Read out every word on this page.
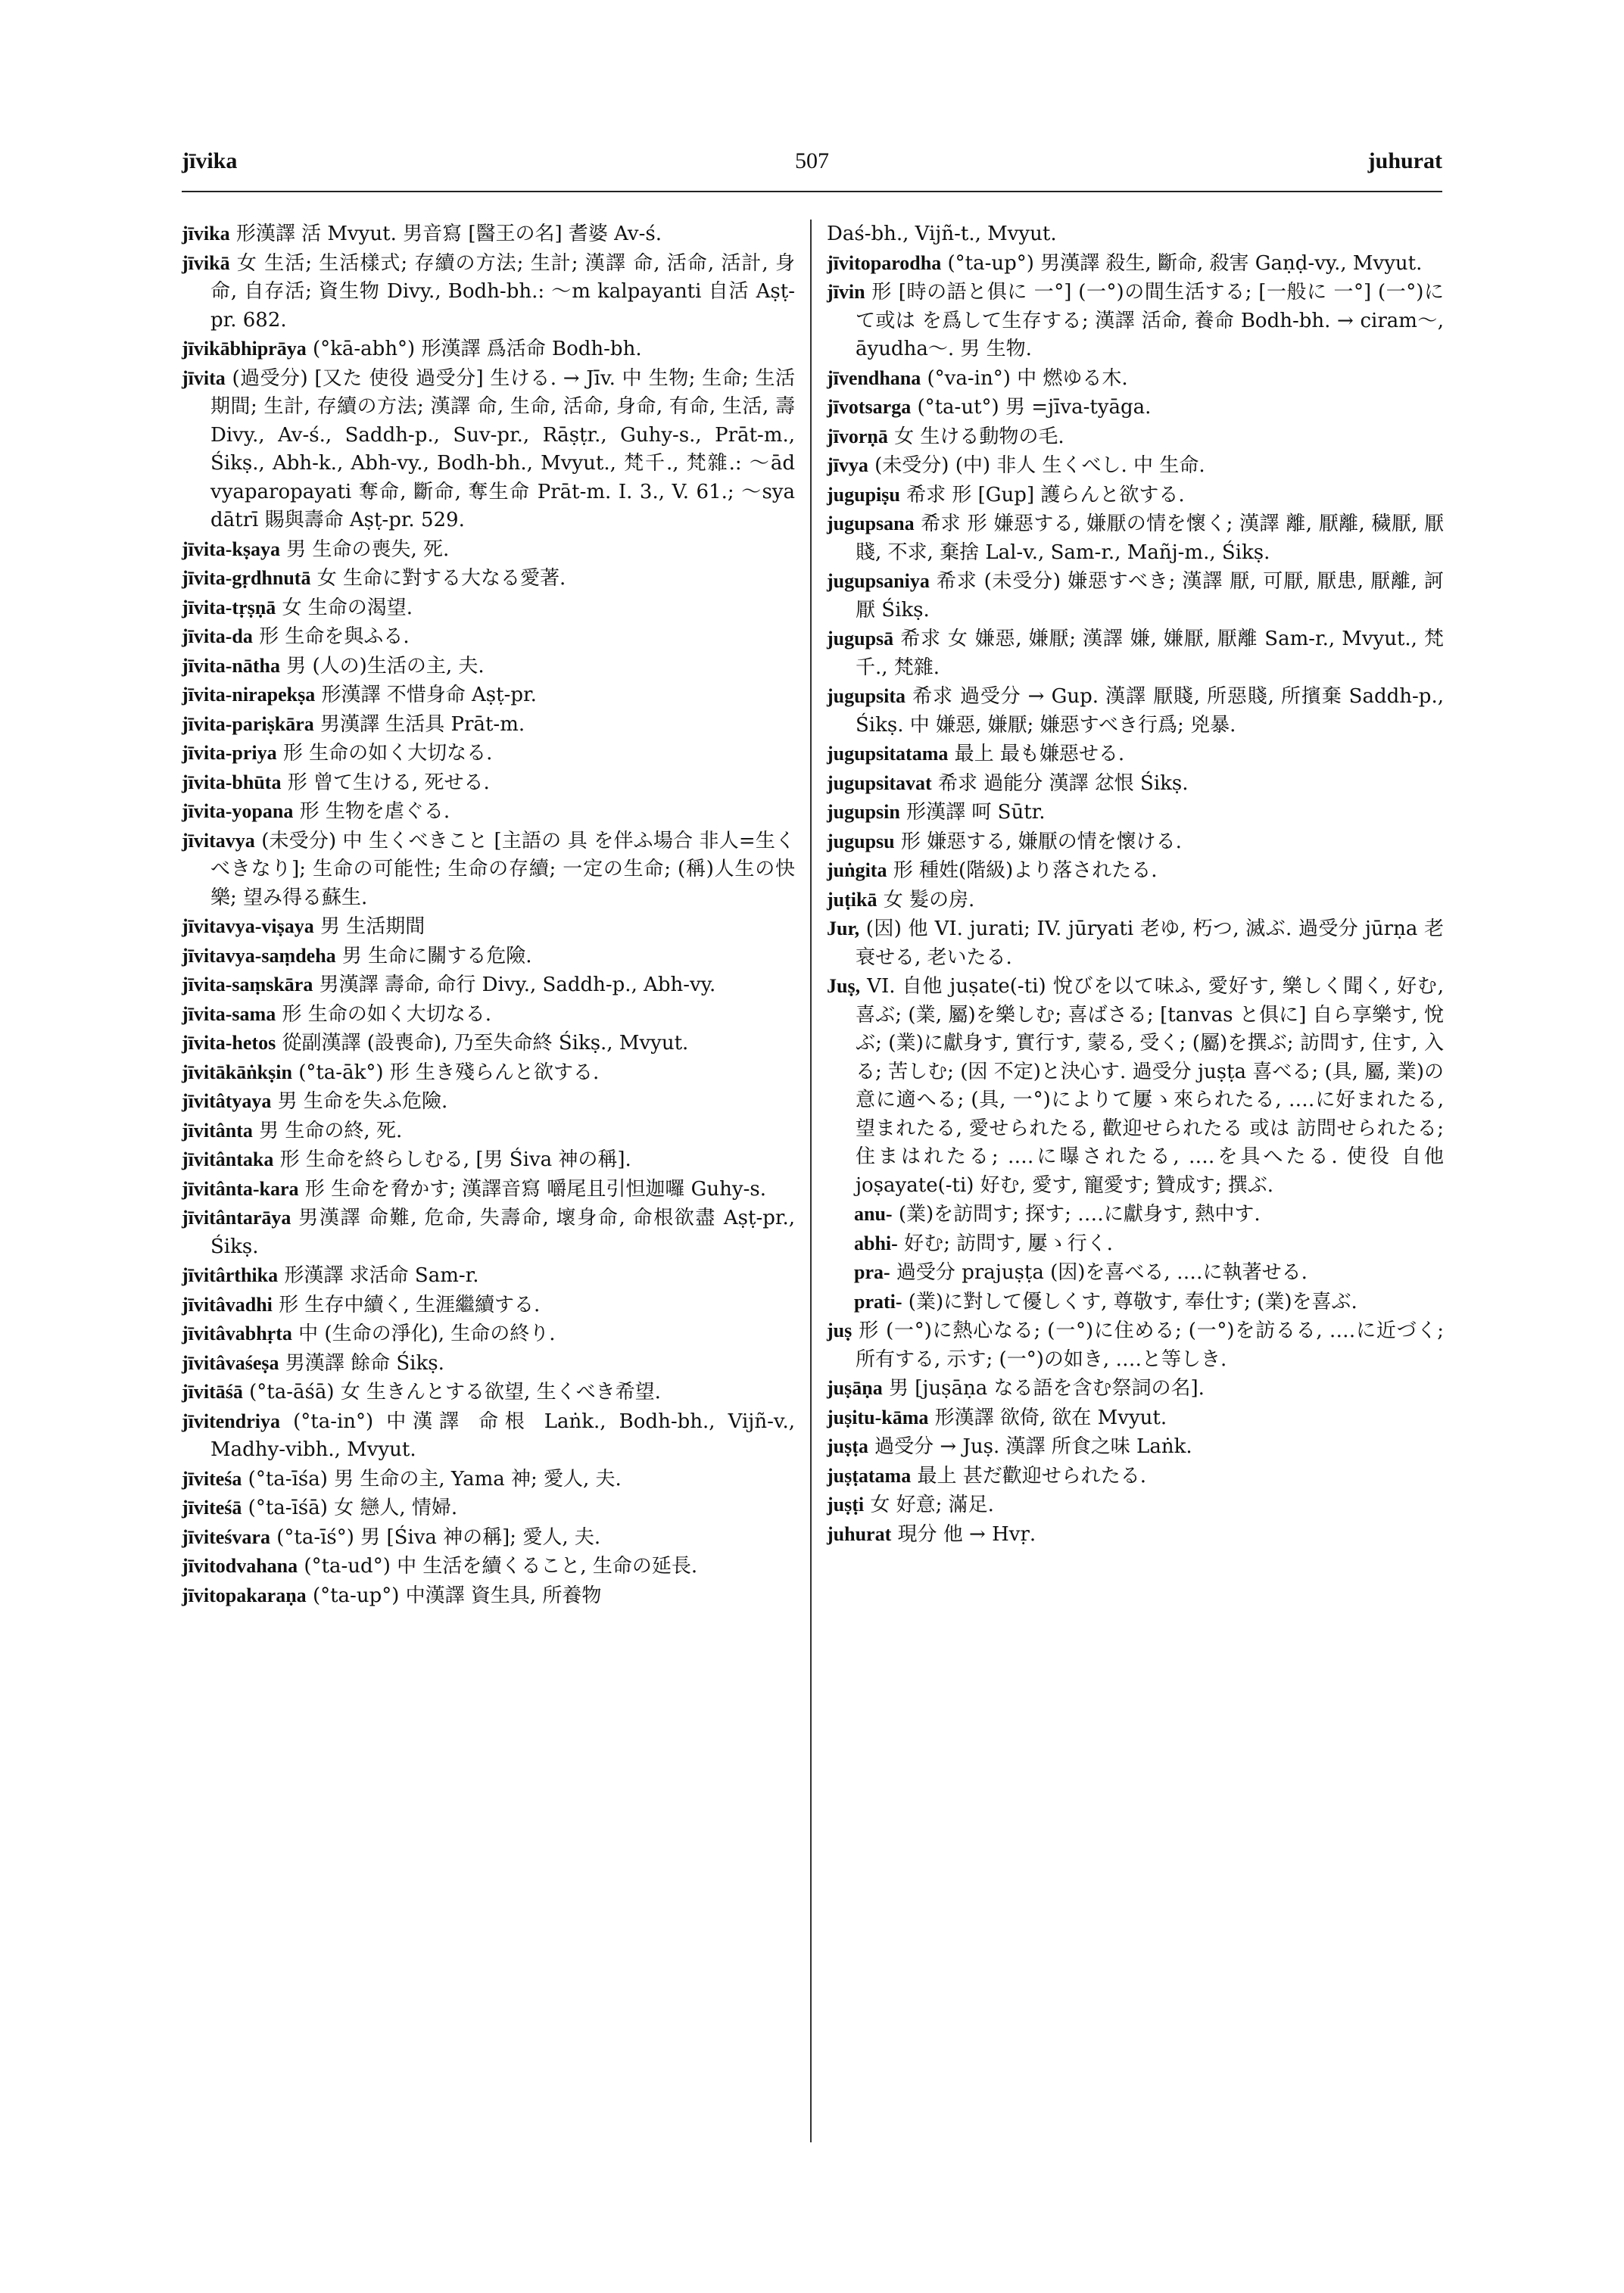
jīvika	507	juhurat

jīvika 形漢譯 活 Mvyut. 男音寫 [醫王の名] 耆婆 Av-ś.

jīvikā 女 生活; 生活樣式; 存續の方法; 生計; 漢譯 命, 活命, 活計, 身命, 自存活; 資生物 Divy., Bodh-bh.: ～m kalpayanti 自活 Aṣṭ-pr. 682.

jīvikābhiprāya (°kā-abh°) 形漢譯 爲活命 Bodh-bh.

jīvita (過受分) [又た 使役 過受分] 生ける. → Jīv. 中 生物; 生命; 生活期間; 生計, 存續の方法; 漢譯 命, 生命, 活命, 身命, 有命, 生活, 壽 Divy., Av-ś., Saddh-p., Suv-pr., Rāṣṭr., Guhy-s., Prāt-m., Śikṣ., Abh-k., Abh-vy., Bodh-bh., Mvyut., 梵千., 梵雜.: ～ād vyaparopayati 奪命, 斷命, 奪生命 Prāt-m. I. 3., V. 61.; ～sya dātrī 賜與壽命 Aṣṭ-pr. 529.

jīvita-kṣaya 男 生命の喪失, 死.

jīvita-gṛdhnutā 女 生命に對する大なる愛著.

jīvita-tṛṣṇā 女 生命の渴望.

jīvita-da 形 生命を與ふる.

jīvita-nātha 男 (人の)生活の主, 夫.

jīvita-nirapekṣa 形漢譯 不惜身命 Aṣṭ-pr.

jīvita-pariṣkāra 男漢譯 生活具 Prāt-m.

jīvita-priya 形 生命の如く大切なる.

jīvita-bhūta 形 曾て生ける, 死せる.

jīvita-yopana 形 生物を虐ぐる.

jīvitavya (未受分) 中 生くべきこと [主語の 具 を伴ふ場合 非人=生くべきなり]; 生命の可能性; 生命の存續; 一定の生命; (稱)人生の快樂; 望み得る蘇生.

jīvitavya-viṣaya 男 生活期間

jīvitavya-saṃdeha 男 生命に關する危險.

jīvita-saṃskāra 男漢譯 壽命, 命行 Divy., Saddh-p., Abh-vy.

jīvita-sama 形 生命の如く大切なる.

jīvita-hetos 從副漢譯 (設喪命), 乃至失命終 Śikṣ., Mvyut.

jīvitākāṅkṣin (°ta-āk°) 形 生き殘らんと欲する.

jīvitâtyaya 男 生命を失ふ危險.

jīvitânta 男 生命の終, 死.

jīvitântaka 形 生命を終らしむる, [男 Śiva 神の稱].

jīvitânta-kara 形 生命を脅かす; 漢譯音寫 嚼尾且引怛迦囉 Guhy-s.

jīvitântarāya 男漢譯 命難, 危命, 失壽命, 壞身命, 命根欲盡 Aṣṭ-pr., Śikṣ.

jīvitârthika 形漢譯 求活命 Sam-r.

jīvitâvadhi 形 生存中續く, 生涯繼續する.

jīvitâvabhṛta 中 (生命の淨化), 生命の終り.

jīvitâvaśeṣa 男漢譯 餘命 Śikṣ.

jīvitāśā (°ta-āśā) 女 生きんとする欲望, 生くべき希望.

jīvitendriya (°ta-in°) 中漢譯 命根 Laṅk., Bodh-bh., Vijñ-v., Madhy-vibh., Mvyut.

jīviteśa (°ta-īśa) 男 生命の主, Yama 神; 愛人, 夫.

jīviteśā (°ta-īśā) 女 戀人, 情婦.

jīviteśvara (°ta-īś°) 男 [Śiva 神の稱]; 愛人, 夫.

jīvitodvahana (°ta-ud°) 中 生活を續くること, 生命の延長.

jīvitopakaraṇa (°ta-up°) 中漢譯 資生具, 所養物

Daś-bh., Vijñ-t., Mvyut.

jīvitoparodha (°ta-up°) 男漢譯 殺生, 斷命, 殺害 Gaṇḍ-vy., Mvyut.

jīvin 形 [時の語と俱に 一°] (一°)の間生活する; [一般に 一°] (一°)にて或は を爲して生存する; 漢譯 活命, 養命 Bodh-bh. → ciram～, āyudha～. 男 生物.

jīvendhana (°va-in°) 中 燃ゆる木.

jīvotsarga (°ta-ut°) 男 =jīva-tyāga.

jīvorṇā 女 生ける動物の毛.

jīvya (未受分) (中) 非人 生くべし. 中 生命.

jugupiṣu 希求 形 [Gup] 護らんと欲する.

jugupsana 希求 形 嫌惡する, 嫌厭の情を懷く; 漢譯 離, 厭離, 穢厭, 厭賤, 不求, 棄捨 Lal-v., Sam-r., Mañj-m., Śikṣ.

jugupsaniya 希求 (未受分) 嫌惡すべき; 漢譯 厭, 可厭, 厭患, 厭離, 訶厭 Śikṣ.

jugupsā 希求 女 嫌惡, 嫌厭; 漢譯 嫌, 嫌厭, 厭離 Sam-r., Mvyut., 梵千., 梵雜.

jugupsita 希求 過受分 → Gup. 漢譯 厭賤, 所惡賤, 所擯棄 Saddh-p., Śikṣ. 中 嫌惡, 嫌厭; 嫌惡すべき行爲; 兇暴.

jugupsitatama 最上 最も嫌惡せる.

jugupsitavat 希求 過能分 漢譯 忿恨 Śikṣ.

jugupsin 形漢譯 呵 Sūtr.

jugupsu 形 嫌惡する, 嫌厭の情を懷ける.

juṅgita 形 種姓(階級)より落されたる.

juṭikā 女 髮の房.

Jur, (因) 他 VI. jurati; IV. jūryati 老ゆ, 朽つ, 滅ぶ. 過受分 jūrṇa 老衰せる, 老いたる.

Juṣ, VI. 自他 juṣate(-ti) 悅びを以て味ふ, 愛好す, 樂しく聞く, 好む, 喜ぶ; (業, 屬)を樂しむ; 喜ばさる; [tanvas と俱に] 自ら享樂す, 悅ぶ; (業)に獻身す, 實行す, 蒙る, 受く; (屬)を撰ぶ; 訪問す, 住す, 入る; 苦しむ; (因 不定)と決心す. 過受分 juṣṭa 喜べる; (具, 屬, 業)の意に適へる; (具, 一°)によりて屢ゝ來られたる, ‥‥に好まれたる, 望まれたる, 愛せられたる, 歡迎せられたる 或は 訪問せられたる; 住まはれたる; ‥‥に曝されたる, ‥‥を具へたる. 使役 自他 joṣayate(-ti) 好む, 愛す, 寵愛す; 贊成す; 撰ぶ.

anu- (業)を訪問す; 探す; ‥‥に獻身す, 熱中す.

abhi- 好む; 訪問す, 屢ゝ行く.

pra- 過受分 prajuṣṭa (因)を喜べる, ‥‥に執著せる.

prati- (業)に對して優しくす, 尊敬す, 奉仕す; (業)を喜ぶ.

juṣ 形 (一°)に熱心なる; (一°)に住める; (一°)を訪るる, ‥‥に近づく; 所有する, 示す; (一°)の如き, ‥‥と等しき.

juṣāṇa 男 [juṣāṇa なる語を含む祭詞の名].

juṣitu-kāma 形漢譯 欲倚, 欲在 Mvyut.

juṣṭa 過受分 → Juṣ. 漢譯 所食之味 Laṅk.

juṣṭatama 最上 甚だ歡迎せられたる.

juṣṭi 女 好意; 滿足.

juhurat 現分 他 → Hvṛ.
